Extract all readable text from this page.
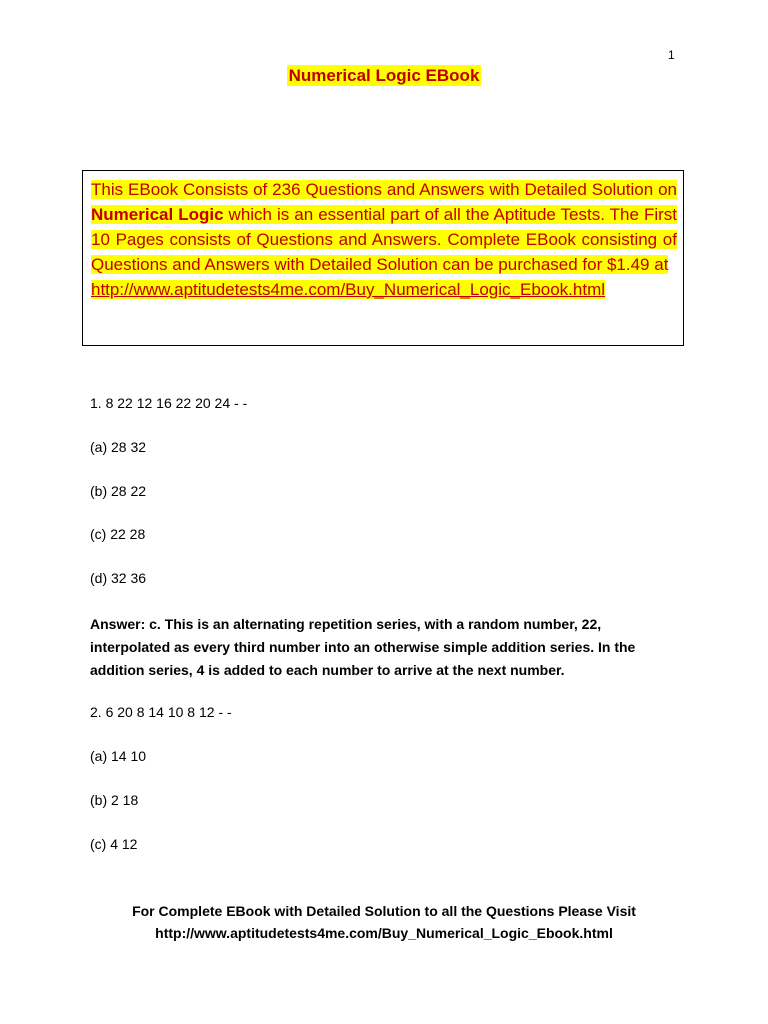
1
Numerical Logic EBook

This EBook Consists of 236 Questions and Answers with Detailed Solution on Numerical Logic which is an essential part of all the Aptitude Tests. The First 10 Pages consists of Questions and Answers. Complete EBook consisting of Questions and Answers with Detailed Solution can be purchased for $1.49 at
http://www.aptitudetests4me.com/Buy_Numerical_Logic_Ebook.html

1. 8 22 12 16 22 20 24 - -
(a) 28 32
(b) 28 22
(c) 22 28
(d) 32 36

Answer: c. This is an alternating repetition series, with a random number, 22, interpolated as every third number into an otherwise simple addition series. In the addition series, 4 is added to each number to arrive at the next number.

2. 6 20 8 14 10 8 12 - -
(a) 14 10
(b) 2 18
(c) 4 12
For Complete EBook with Detailed Solution to all the Questions Please Visit
http://www.aptitudetests4me.com/Buy_Numerical_Logic_Ebook.html
